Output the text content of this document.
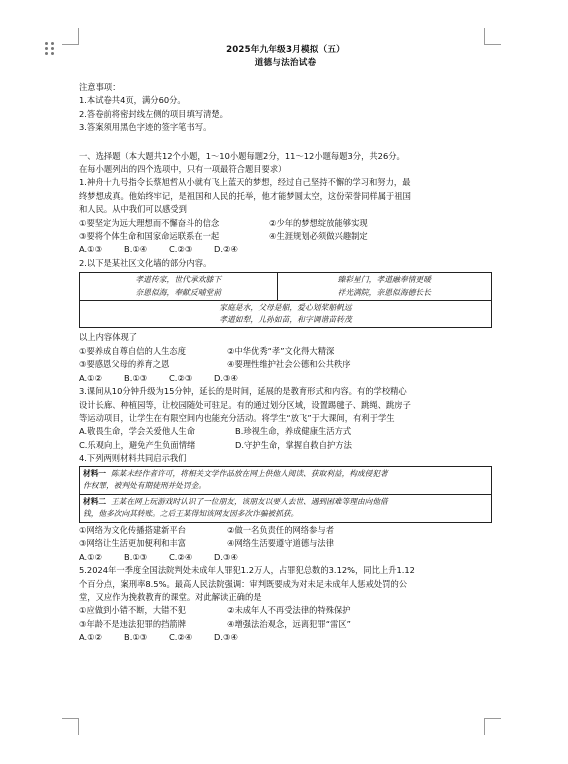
2025年九年级3月模拟（五）
道德与法治试卷
注意事项：
1.本试卷共4页，满分60分。
2.答卷前将密封线左侧的项目填写清楚。
3.答案须用黑色字迹的签字笔书写。
一、选择题（本大题共12个小题，1～10小题每题2分，11～12小题每题3分，共26分。
在每小题列出的四个选项中，只有一项最符合题目要求）
1.神舟十九号指令长蔡旭哲从小就有飞上蓝天的梦想，经过自己坚持不懈的学习和努力，最
终梦想成真。他始终牢记，是祖国和人民的托举，他才能梦圆太空，这份荣誉同样属于祖国
和人民。从中我们可以感受到
①要坚定为远大理想而不懈奋斗的信念	②少年的梦想绽放能够实现
③要将个体生命和国家命运联系在一起	④生涯规划必须做兴趣制定
A.①③	B.①④	C.②③	D.②④
2.以下是某社区文化墙的部分内容。
孝道传家，世代承欢膝下
奈恩似海，奉献反哺堂前

臻彩星门，孝道融奉情更暖
祥光满院，亲恩似海德长长

家庭是水，父母是船，爱心划桨船帆远
孝道如犁，儿孙如苗，和字调谐苗转茂
以上内容体现了
①要养成自尊自信的人生态度	②中华优秀“孝”文化得大精深
③要感恩父母的养育之恩	④要理性维护社会公德和公共秩序
A.①②	B.①③	C.②③	D.③④
3.课间从10分钟升级为15分钟，延长的是时间，延展的是教育形式和内容。有的学校精心
设计长廊、种植园等，让校园随处可驻足。有的通过划分区域，设置踢毽子、跳绳、跳房子
等运动项目，让学生在有限空间内也能充分活动。将学生“放飞”于大课间，有利于学生
A.敬畏生命，学会关爱他人生命	B.珍视生命，养成健康生活方式
C.乐观向上，避免产生负面情绪	D.守护生命，掌握自救自护方法
4.下列两则材料共同启示我们
材料一 陈某未经作者许可，将相关文学作品放在网上供他人阅读、获取利益，构成侵犯著
作权罪，被判处有期徒刑并处罚金。
材料二 王某在网上玩游戏时认识了一位朋友，该朋友以要人去世、遇到困难等理由向他借
钱，他多次向其转账。之后王某得知该网友因多次诈骗被抓获。
①网络为文化传播搭建新平台	②做一名负责任的网络参与者
③网络让生活更加便利和丰富	④网络生活要遵守道德与法律
A.①②	B.①③	C.②④	D.③④
5.2024年一季度全国法院判处未成年人罪犯1.2万人，占罪犯总数的3.12%，同比上升1.12
个百分点，案刑率8.5%。最高人民法院强调：审判既要成为对未足未成年人惩戒处罚的公
堂，又应作为挽救教育的课堂。对此解读正确的是
①应做到小错不断，大错不犯	②未成年人不再受法律的特殊保护
③年龄不是违法犯罪的挡箭牌	④增强法治观念，远离犯罪“雷区”
A.①②	B.①③	C.②④	D.③④
